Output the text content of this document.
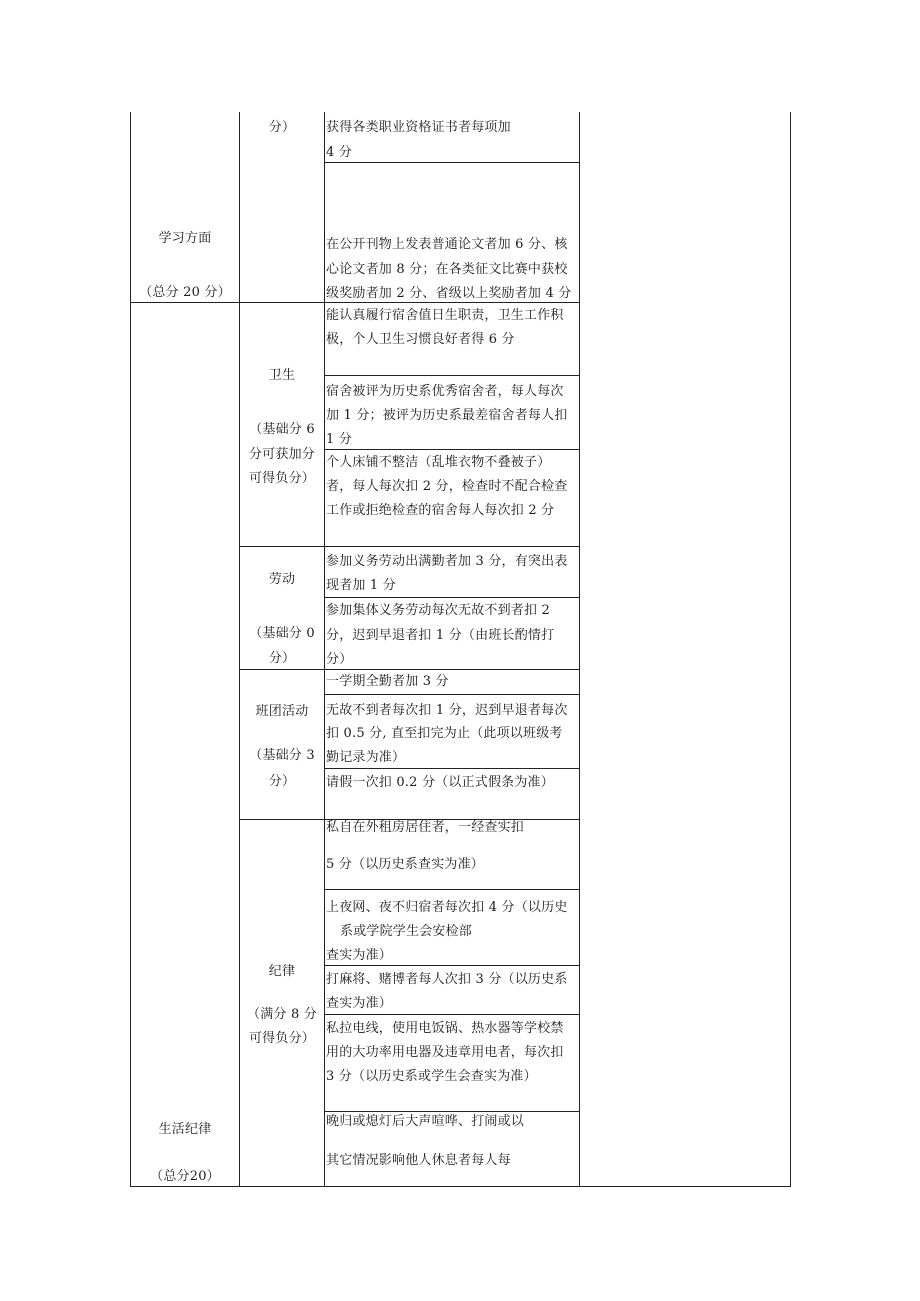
分）
学习方面
（总分 20 分）
获得各类职业资格证书者每项加
4 分
在公开刊物上发表普通论文者加 6 分、核
心论文者加 8 分；在各类征文比赛中获校
级奖励者加 2 分、省级以上奖励者加 4 分
生活纪律
（总分20）
卫生
（基础分 6
分可获加分
可得负分）
能认真履行宿舍值日生职责，卫生工作积
极，个人卫生习惯良好者得 6 分
宿舍被评为历史系优秀宿舍者，每人每次
加 1 分；被评为历史系最差宿舍者每人扣
1 分
个人床铺不整洁（乱堆衣物不叠被子）
者，每人每次扣 2 分，检查时不配合检查
工作或拒绝检查的宿舍每人每次扣 2 分
劳动
（基础分 0
分）
参加义务劳动出满勤者加 3 分，有突出表
现者加 1 分
参加集体义务劳动每次无故不到者扣 2
分，迟到早退者扣 1 分（由班长酌情打
分）
班团活动
（基础分 3
分）
一学期全勤者加 3 分
无故不到者每次扣 1 分，迟到早退者每次
扣 0.5 分, 直至扣完为止（此项以班级考
勤记录为准）
请假一次扣 0.2 分（以正式假条为准）
纪律
（满分 8 分
可得负分）
私自在外租房居住者，一经查实扣
5 分（以历史系查实为准）
上夜网、夜不归宿者每次扣 4 分（以历史
系或学院学生会安检部
查实为准）
打麻将、赌博者每人次扣 3 分（以历史系
查实为准）
私拉电线，使用电饭锅、热水器等学校禁
用的大功率用电器及违章用电者，每次扣
3 分（以历史系或学生会查实为准）
晚归或熄灯后大声喧哗、打闹或以
其它情况影响他人休息者每人每
